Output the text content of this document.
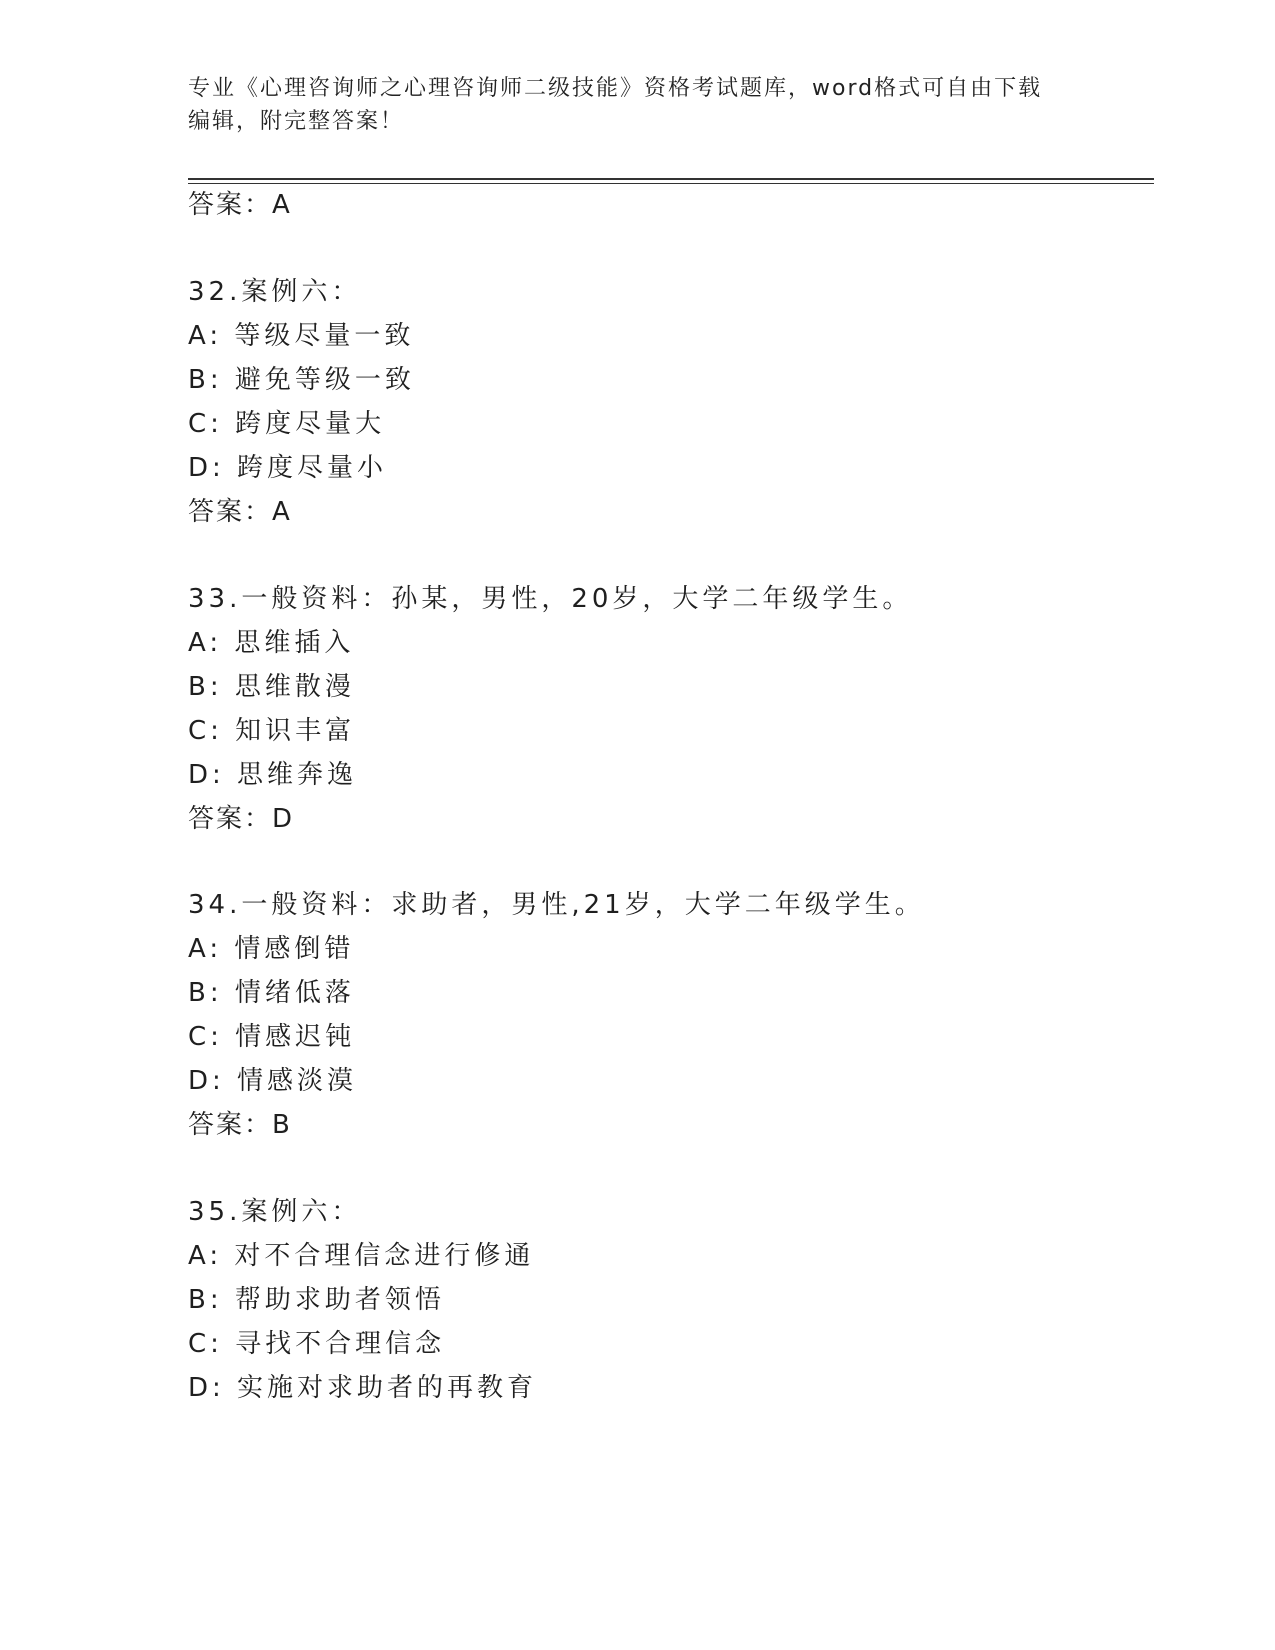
专业《心理咨询师之心理咨询师二级技能》资格考试题库，word格式可自由下载
编辑，附完整答案！
答案：A
32.案例六：
A: 等级尽量一致
B: 避免等级一致
C: 跨度尽量大
D: 跨度尽量小
答案：A
33.一般资料：孙某，男性，20岁，大学二年级学生。
A: 思维插入
B: 思维散漫
C: 知识丰富
D: 思维奔逸
答案：D
34.一般资料：求助者，男性,21岁，大学二年级学生。
A: 情感倒错
B: 情绪低落
C: 情感迟钝
D: 情感淡漠
答案：B
35.案例六：
A: 对不合理信念进行修通
B: 帮助求助者领悟
C: 寻找不合理信念
D: 实施对求助者的再教育
